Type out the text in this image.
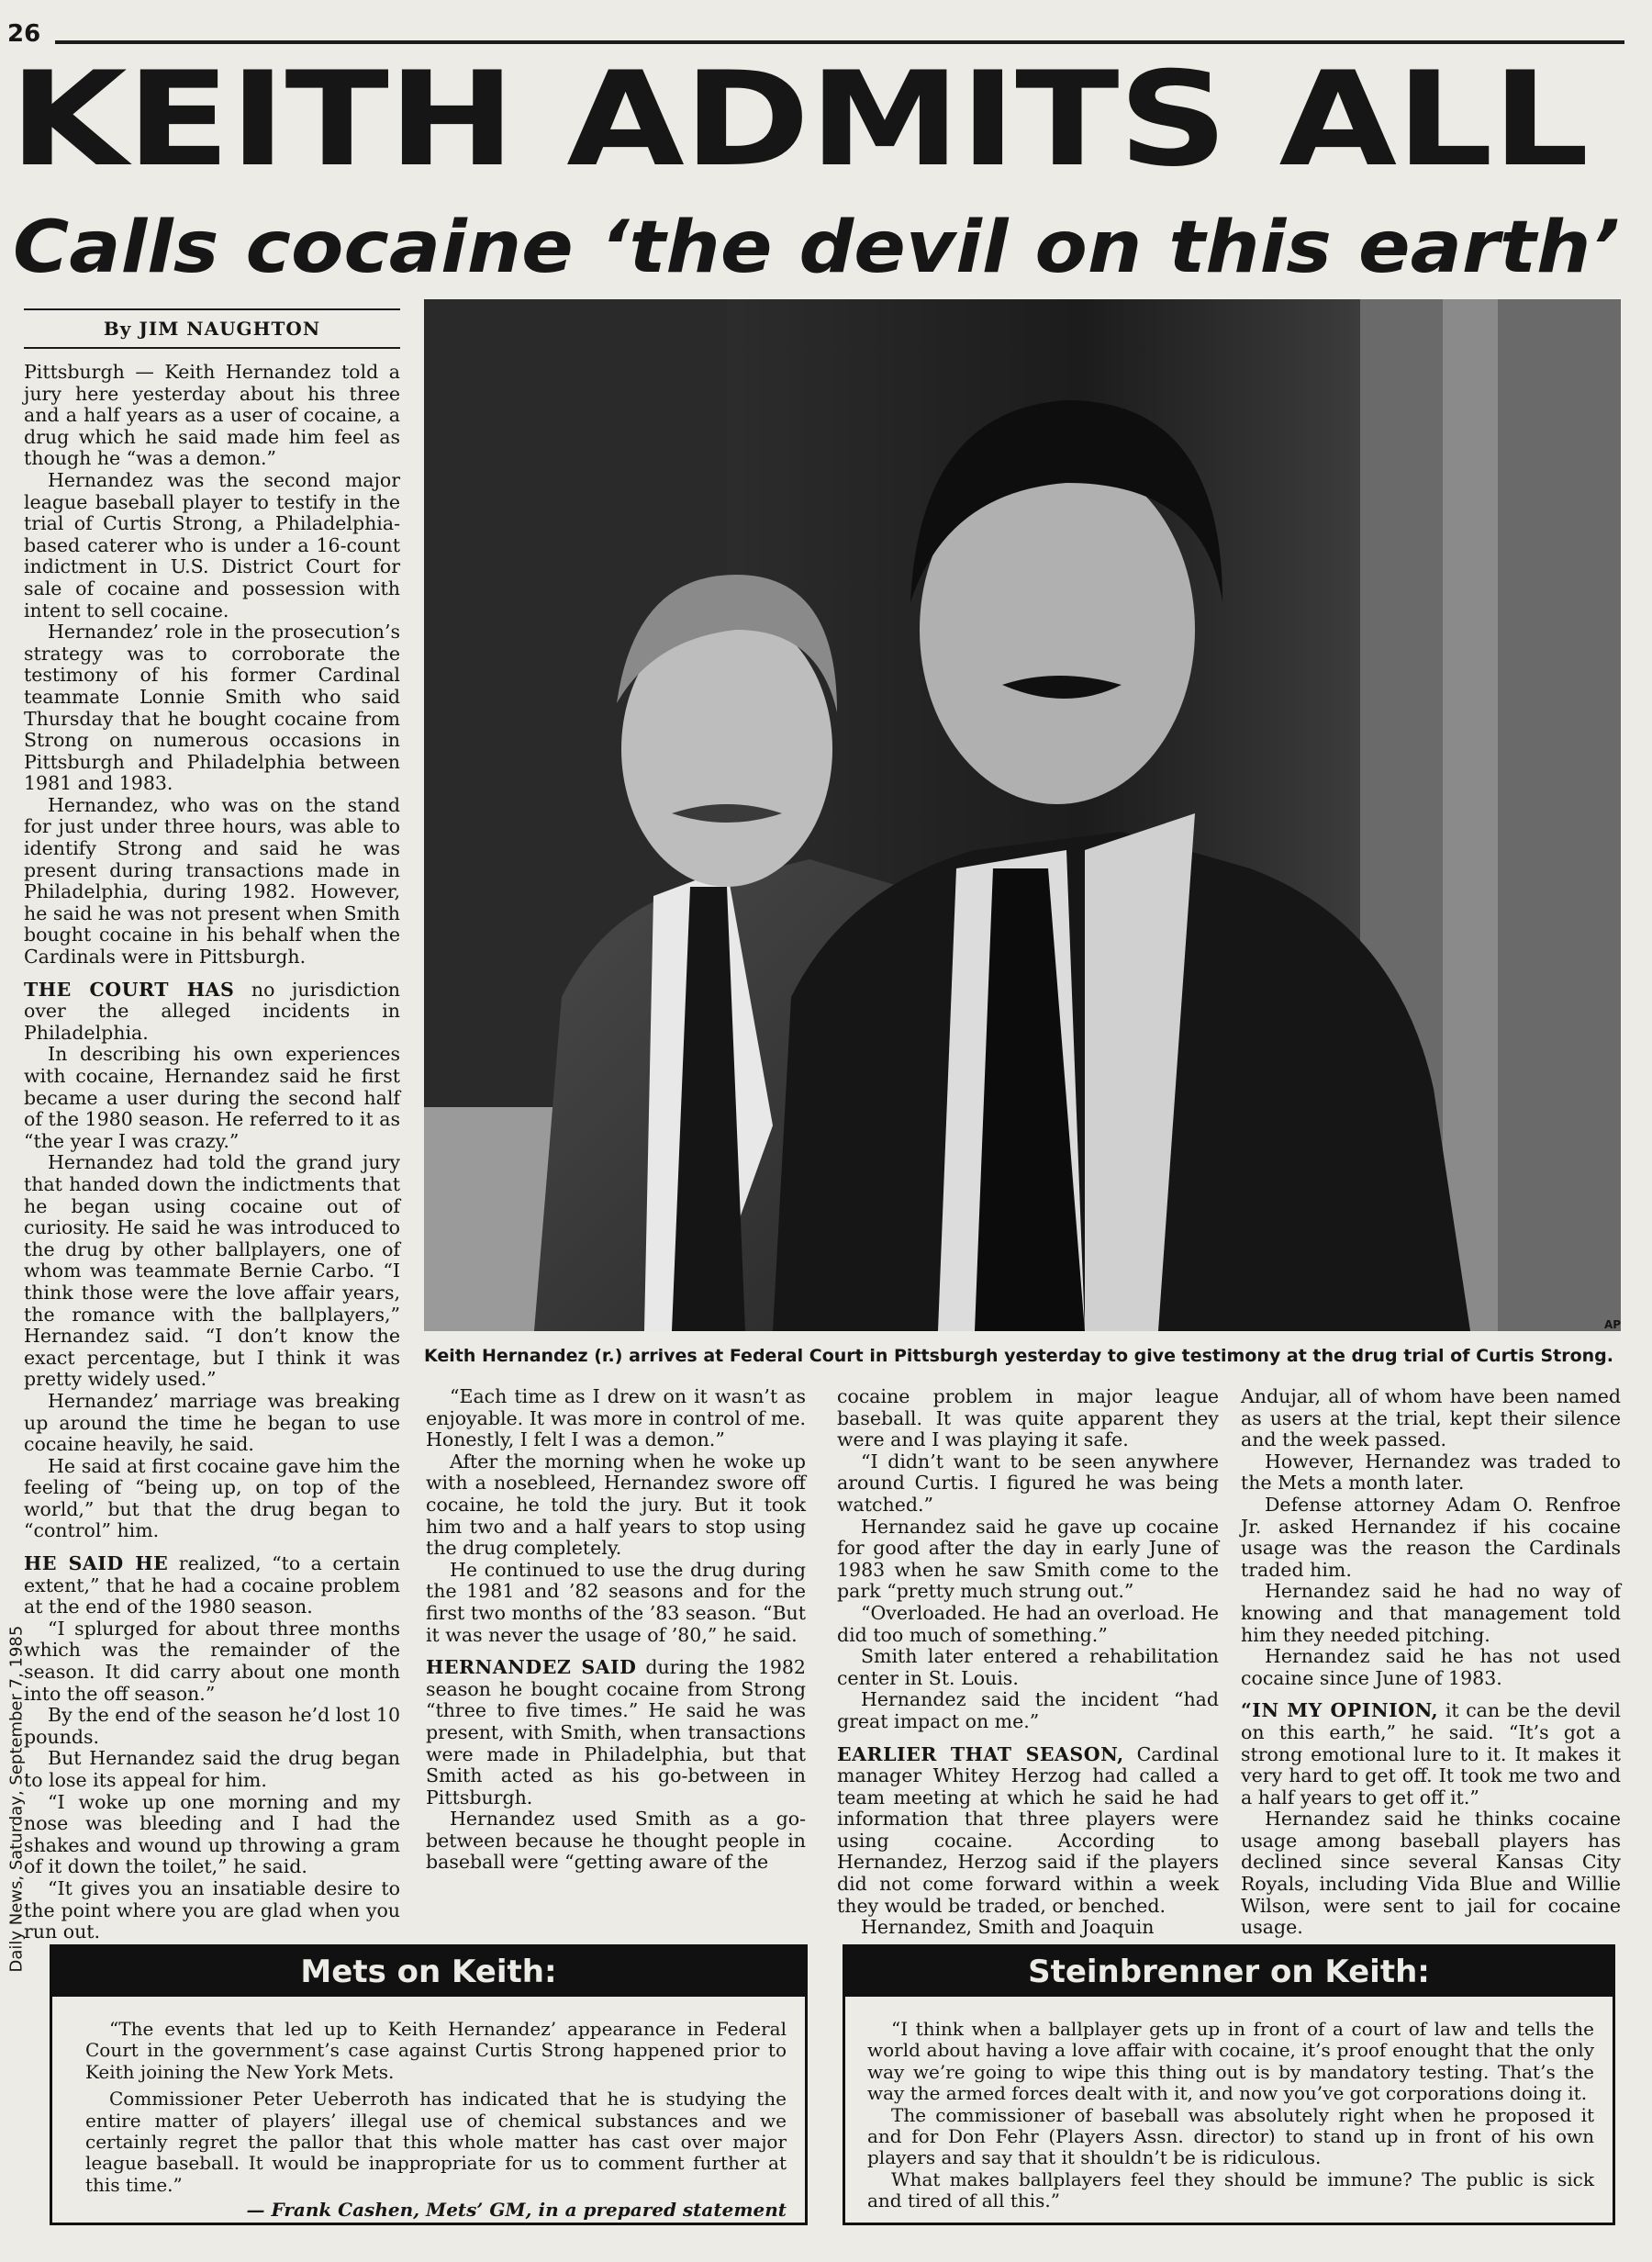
26
KEITH ADMITS ALL
Calls cocaine ‘the devil on this earth’
By JIM NAUGHTON
AP
Keith Hernandez (r.) arrives at Federal Court in Pittsburgh yesterday to give testimony at the drug trial of Curtis Strong.

Pittsburgh — Keith Hernandez told a jury here yesterday about his three and a half years as a user of cocaine, a drug which he said made him feel as though he “was a demon.”

Hernandez was the second major league baseball player to testify in the trial of Curtis Strong, a Philadelphia-based caterer who is under a 16-count indictment in U.S. District Court for sale of cocaine and possession with intent to sell cocaine.

Hernandez’ role in the prosecution’s strategy was to corroborate the testimony of his former Cardinal teammate Lonnie Smith who said Thursday that he bought cocaine from Strong on numerous occasions in Pittsburgh and Philadelphia between 1981 and 1983.

Hernandez, who was on the stand for just under three hours, was able to identify Strong and said he was present during transactions made in Philadelphia, during 1982. However, he said he was not present when Smith bought cocaine in his behalf when the Cardinals were in Pittsburgh.

THE COURT HAS no jurisdiction over the alleged incidents in Philadelphia.

In describing his own experiences with cocaine, Hernandez said he first became a user during the second half of the 1980 season. He referred to it as “the year I was crazy.”

Hernandez had told the grand jury that handed down the indictments that he began using cocaine out of curiosity. He said he was introduced to the drug by other ballplayers, one of whom was teammate Bernie Carbo. “I think those were the love affair years, the romance with the ballplayers,” Hernandez said. “I don’t know the exact percentage, but I think it was pretty widely used.”

Hernandez’ marriage was breaking up around the time he began to use cocaine heavily, he said.

He said at first cocaine gave him the feeling of “being up, on top of the world,” but that the drug began to “control” him.

HE SAID HE realized, “to a certain extent,” that he had a cocaine problem at the end of the 1980 season.

“I splurged for about three months which was the remainder of the season. It did carry about one month into the off season.”

By the end of the season he’d lost 10 pounds.

But Hernandez said the drug began to lose its appeal for him.

“I woke up one morning and my nose was bleeding and I had the shakes and wound up throwing a gram of it down the toilet,” he said.

“It gives you an insatiable desire to the point where you are glad when you run out.

“Each time as I drew on it wasn’t as enjoyable. It was more in control of me. Honestly, I felt I was a demon.”

After the morning when he woke up with a nosebleed, Hernandez swore off cocaine, he told the jury. But it took him two and a half years to stop using the drug completely.

He continued to use the drug during the 1981 and ’82 seasons and for the first two months of the ’83 season. “But it was never the usage of ’80,” he said.

HERNANDEZ SAID during the 1982 season he bought cocaine from Strong “three to five times.” He said he was present, with Smith, when transactions were made in Philadelphia, but that Smith acted as his go-between in Pittsburgh.

Hernandez used Smith as a go-between because he thought people in baseball were “getting aware of the

cocaine problem in major league baseball. It was quite apparent they were and I was playing it safe.

“I didn’t want to be seen anywhere around Curtis. I figured he was being watched.”

Hernandez said he gave up cocaine for good after the day in early June of 1983 when he saw Smith come to the park “pretty much strung out.”

“Overloaded. He had an overload. He did too much of something.”

Smith later entered a rehabilitation center in St. Louis.

Hernandez said the incident “had great impact on me.”

EARLIER THAT SEASON, Cardinal manager Whitey Herzog had called a team meeting at which he said he had information that three players were using cocaine. According to Hernandez, Herzog said if the players did not come forward within a week they would be traded, or benched.

Hernandez, Smith and Joaquin

Andujar, all of whom have been named as users at the trial, kept their silence and the week passed.

However, Hernandez was traded to the Mets a month later.

Defense attorney Adam O. Renfroe Jr. asked Hernandez if his cocaine usage was the reason the Cardinals traded him.

Hernandez said he had no way of knowing and that management told him they needed pitching.

Hernandez said he has not used cocaine since June of 1983.

“IN MY OPINION, it can be the devil on this earth,” he said. “It’s got a strong emotional lure to it. It makes it very hard to get off. It took me two and a half years to get off it.”

Hernandez said he thinks cocaine usage among baseball players has declined since several Kansas City Royals, including Vida Blue and Willie Wilson, were sent to jail for cocaine usage.

Mets on Keith:

“The events that led up to Keith Hernandez’ appearance in Federal Court in the government’s case against Curtis Strong happened prior to Keith joining the New York Mets.

Commissioner Peter Ueberroth has indicated that he is studying the entire matter of players’ illegal use of chemical substances and we certainly regret the pallor that this whole matter has cast over major league baseball. It would be inappropriate for us to comment further at this time.”

— Frank Cashen, Mets’ GM, in a prepared statement
Steinbrenner on Keith:

“I think when a ballplayer gets up in front of a court of law and tells the world about having a love affair with cocaine, it’s proof enought that the only way we’re going to wipe this thing out is by mandatory testing. That’s the way the armed forces dealt with it, and now you’ve got corporations doing it.

The commissioner of baseball was absolutely right when he proposed it and for Don Fehr (Players Assn. director) to stand up in front of his own players and say that it shouldn’t be is ridiculous.

What makes ballplayers feel they should be immune? The public is sick and tired of all this.”

Daily News, Saturday, September 7, 1985
